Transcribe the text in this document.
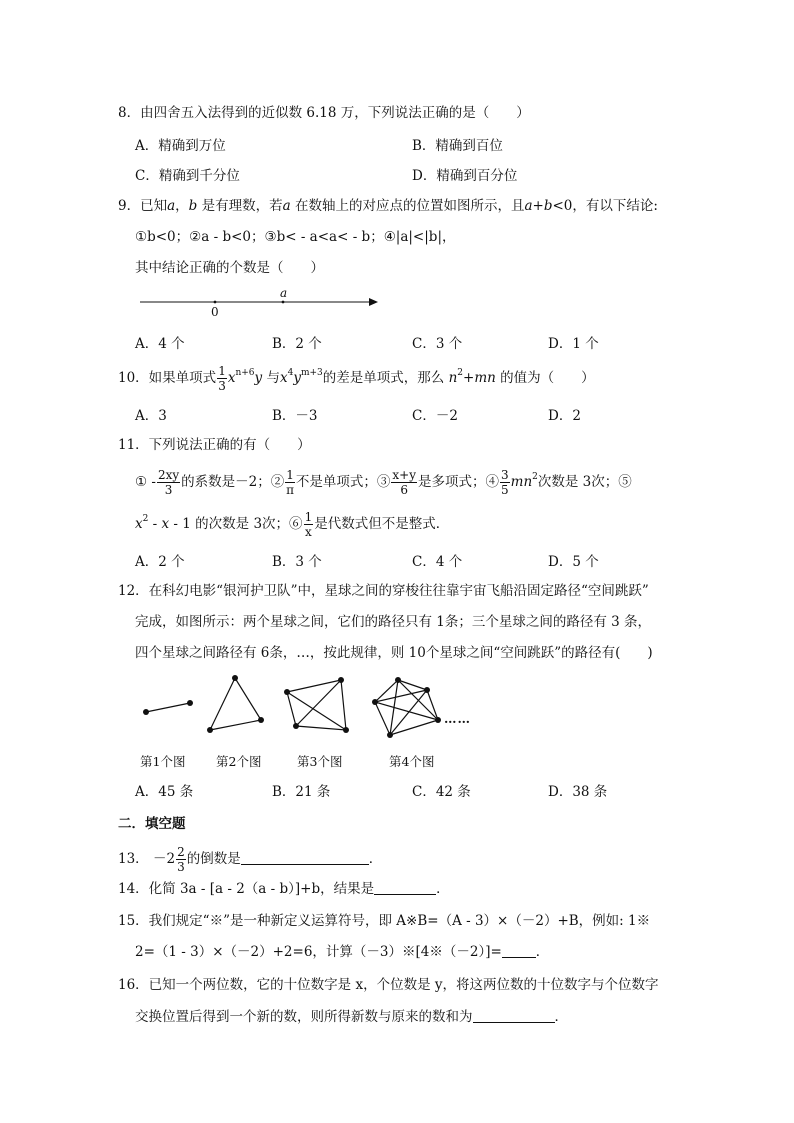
8．由四舍五入法得到的近似数 6.18 万，下列说法正确的是（　　）
A．精确到万位	B．精确到百位
C．精确到千分位	D．精确到百分位
9．已知a，b 是有理数，若a 在数轴上的对应点的位置如图所示，且a+b<0，有以下结论:
①b<0；②a - b<0；③b< - a<a< - b；④|a|<|b|，
其中结论正确的个数是（　　）
0
a
A．4 个	B．2 个	C．3 个	D．1 个
10．如果单项式 $\frac{1}{3} x^{n+6}y$ 与$x^4y^{m+3}$的差是单项式，那么 $n^2+mn$ 的值为（　　）
A．3	B．－3	C．－2	D．2
11．下列说法正确的有（　　）
① - $\frac{2xy}{3}$ 的系数是－2；② $\frac{1}{\pi}$ 不是单项式；③ $\frac{x+y}{6}$ 是多项式；④ $\frac{3}{5} mn^2$次数是 3次；⑤
$x^2$ - x - 1 的次数是 3次；⑥ $\frac{1}{x}$ 是代数式但不是整式．
A．2 个	B．3 个	C．4 个	D．5 个
12．在科幻电影“银河护卫队”中，星球之间的穿梭往往靠宇宙飞船沿固定路径“空间跳跃”
完成，如图所示：两个星球之间，它们的路径只有 1条；三个星球之间的路径有 3 条，
四个星球之间路径有 6条，…，按此规律，则 10个星球之间“空间跳跃”的路径有(　　)
……
第1个图 第2个图	第3个图	第4个图
A．45 条	B．21 条	C．42 条	D．38 条
二．填空题
13． $-2 \frac{2}{3}$ 的倒数是	．
14．化简 3a - [a - 2（a - b）]+b，结果是	．
15．我们规定“※”是一种新定义运算符号，即 A※B=（A - 3）×（－2）+B，例如: 1※
2=（1 - 3）×（－2）+2=6，计算（－3）※[4※（－2）]=	．
16．已知一个两位数，它的十位数字是 x，个位数是 y，将这两位数的十位数字与个位数字
交换位置后得到一个新的数，则所得新数与原来的数和为	．
